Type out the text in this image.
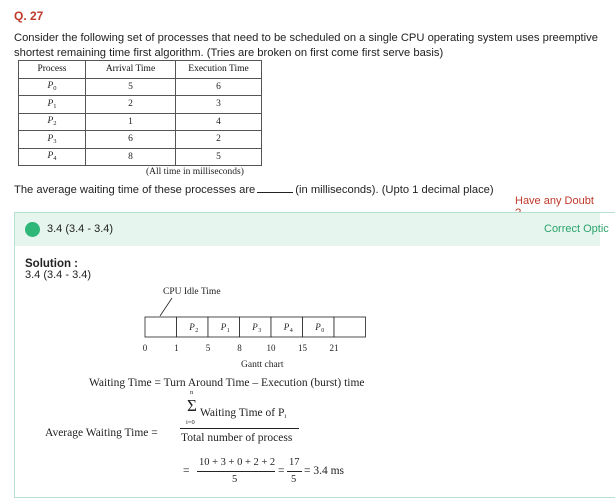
Q. 27
Consider the following set of processes that need to be scheduled on a single CPU operating system uses preemptive shortest remaining time first algorithm. (Tries are broken on first come first serve basis)
Process	Arrival Time	Execution Time
$P_0$	5	6
$P_1$	2	3
$P_2$	1	4
$P_3$	6	2
$P_4$	8	5
(All time in milliseconds)
The average waiting time of these processes are	(in milliseconds). (Upto 1 decimal place)
Have any Doubt
3.4 (3.4 - 3.4)	Correct Optic
Solution :
3.4 (3.4 - 3.4)
CPU Idle Time
P 2	P 1	P 3	P 4	P 0
0	1	5	8	10	15	21
Gantt chart
Waiting Time = Turn Around Time – Execution (burst) time
Average Waiting Time =
Σ
n
i=0
Waiting Time of $P_i$
Total number of process
=
10 + 3 + 0 + 2 + 2
5
=
17
5
= 3.4 ms
